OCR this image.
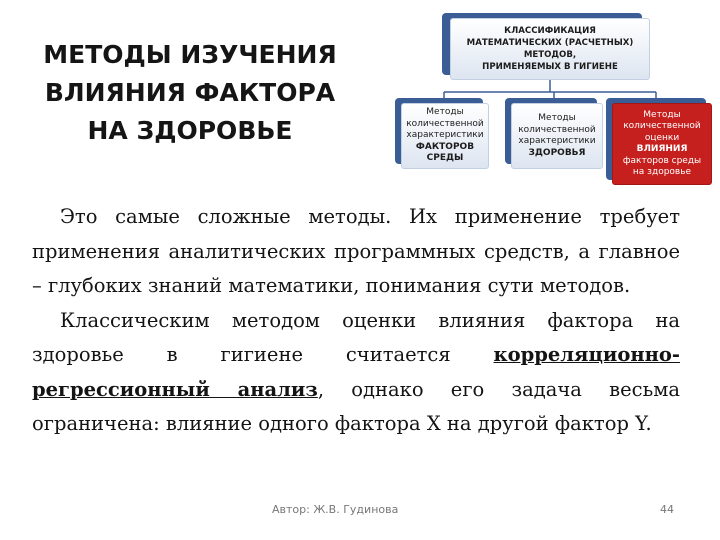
МЕТОДЫ ИЗУЧЕНИЯ
ВЛИЯНИЯ ФАКТОРА
НА ЗДОРОВЬЕ
КЛАССИФИКАЦИЯ
МАТЕМАТИЧЕСКИХ (РАСЧЕТНЫХ)
МЕТОДОВ,
ПРИМЕНЯЕМЫХ В ГИГИЕНЕ
Методы
количественной
характеристики
ФАКТОРОВ
СРЕДЫ
Методы
количественной
характеристики
ЗДОРОВЬЯ
Методы
количественной
оценки
ВЛИЯНИЯ
факторов среды
на здоровье

Это самые сложные методы. Их применение требует применения аналитических программных средств, а главное – глубоких знаний математики, понимания сути методов.

Классическим методом оценки влияния фактора на здоровье в гигиене считается корреляционно-регрессионный анализ, однако его задача весьма ограничена: влияние одного фактора X на другой фактор Y.

Автор: Ж.В. Гудинова	44
